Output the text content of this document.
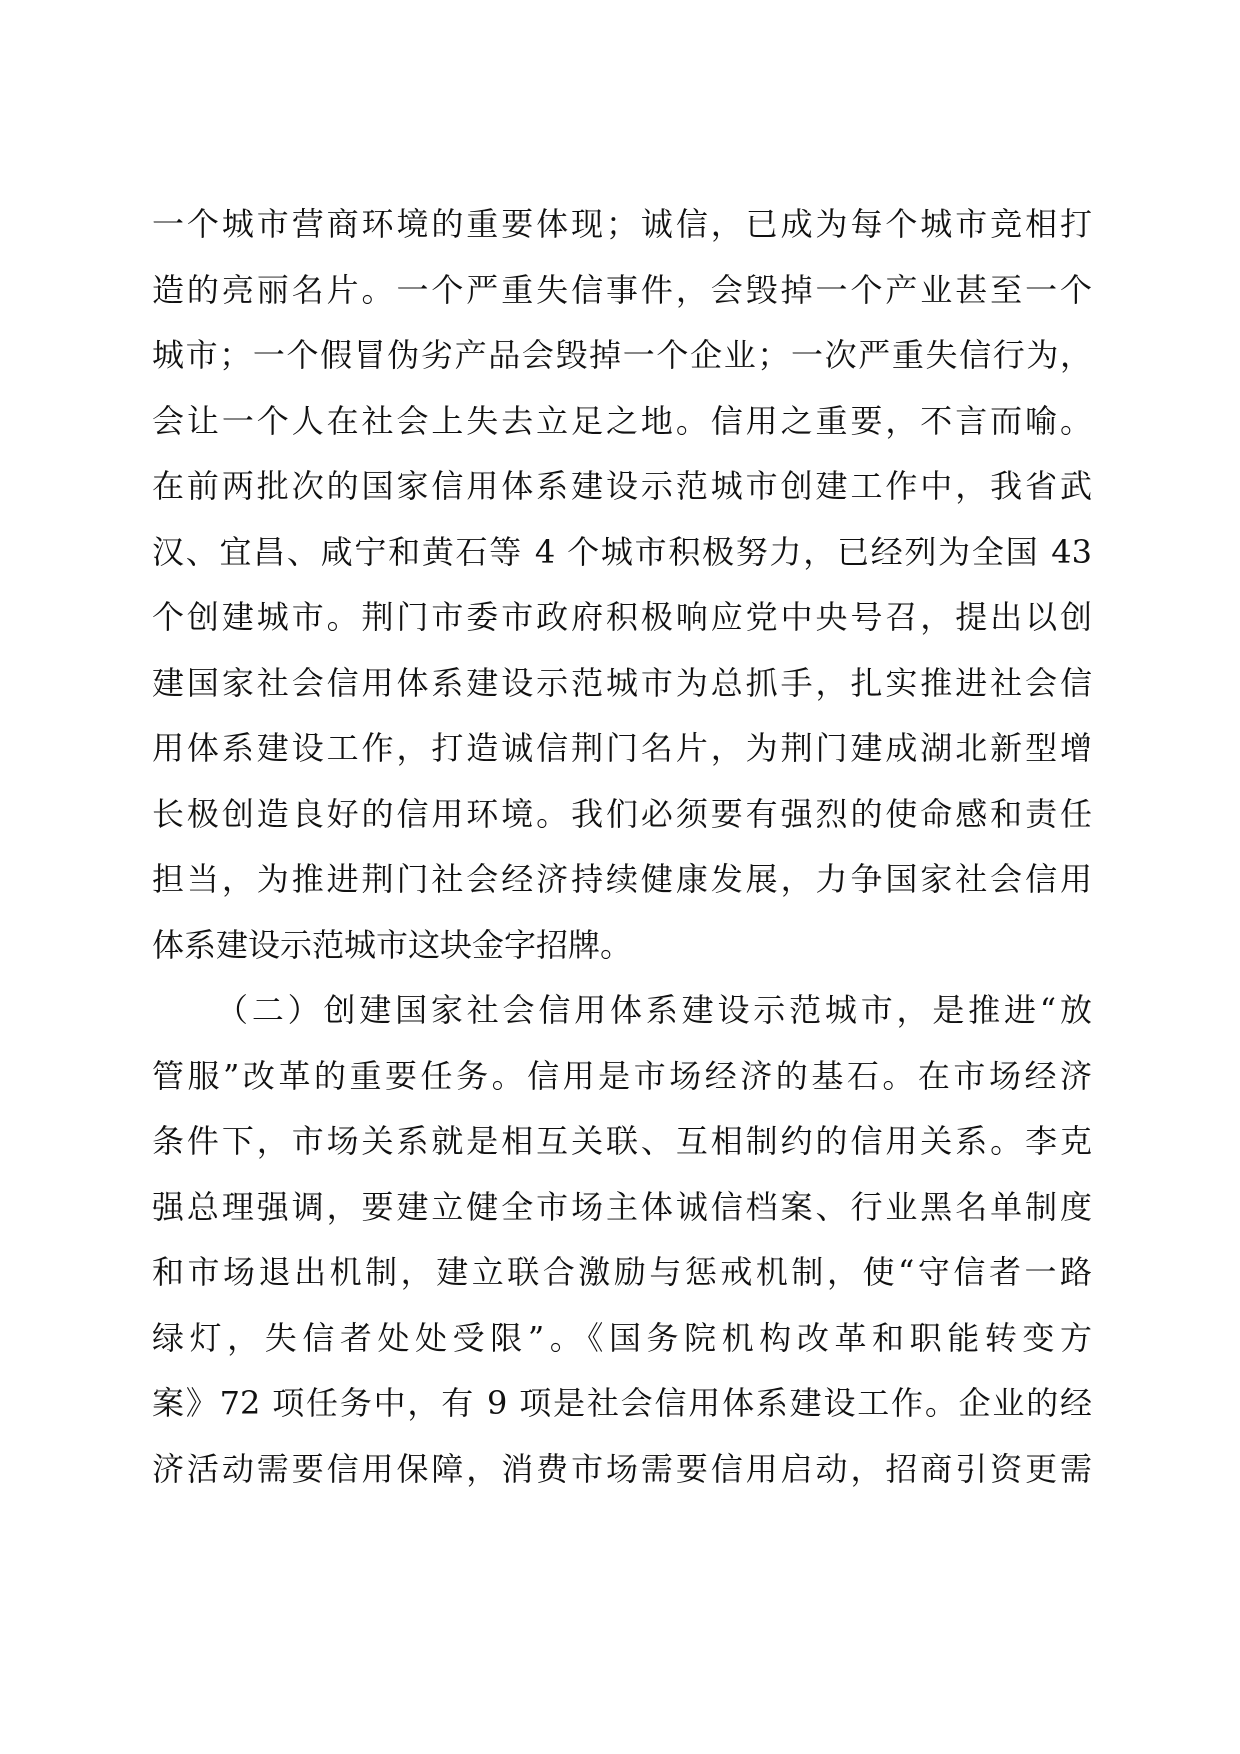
一个城市营商环境的重要体现；诚信，已成为每个城市竞相打
造的亮丽名片。一个严重失信事件，会毁掉一个产业甚至一个
城市；一个假冒伪劣产品会毁掉一个企业；一次严重失信行为，
会让一个人在社会上失去立足之地。信用之重要，不言而喻。
在前两批次的国家信用体系建设示范城市创建工作中，我省武
汉、宜昌、咸宁和黄石等 4 个城市积极努力，已经列为全国 43
个创建城市。荆门市委市政府积极响应党中央号召，提出以创
建国家社会信用体系建设示范城市为总抓手，扎实推进社会信
用体系建设工作，打造诚信荆门名片，为荆门建成湖北新型增
长极创造良好的信用环境。我们必须要有强烈的使命感和责任
担当，为推进荆门社会经济持续健康发展，力争国家社会信用
体系建设示范城市这块金字招牌。
（二）创建国家社会信用体系建设示范城市，是推进“放
管服”改革的重要任务。信用是市场经济的基石。在市场经济
条件下，市场关系就是相互关联、互相制约的信用关系。李克
强总理强调，要建立健全市场主体诚信档案、行业黑名单制度
和市场退出机制，建立联合激励与惩戒机制，使“守信者一路
绿灯，失信者处处受限”。《国务院机构改革和职能转变方
案》72 项任务中，有 9 项是社会信用体系建设工作。企业的经
济活动需要信用保障，消费市场需要信用启动，招商引资更需
